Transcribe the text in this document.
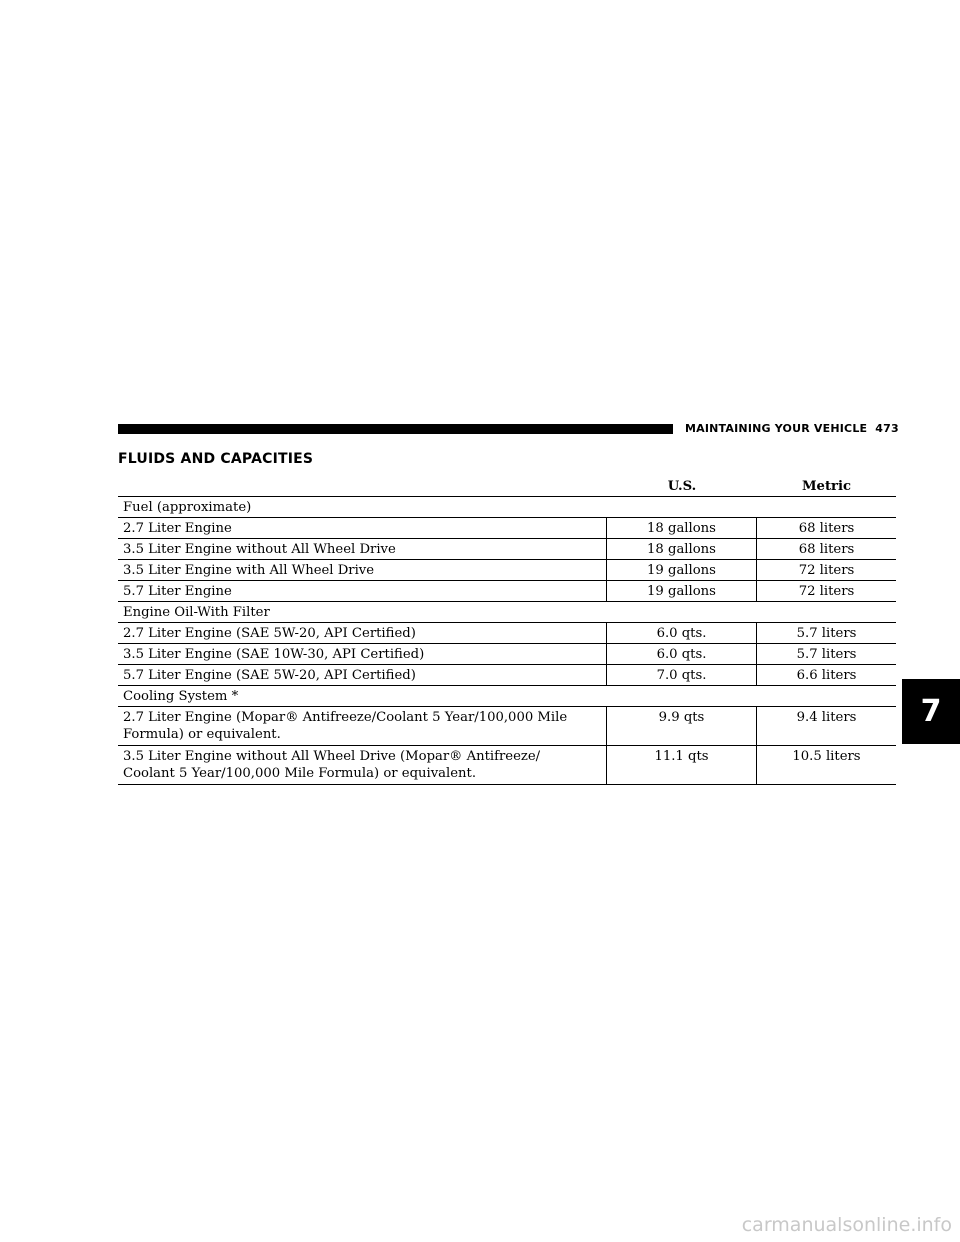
MAINTAINING YOUR VEHICLE 473
FLUIDS AND CAPACITIES
U.S.	Metric
Fuel (approximate)
2.7 Liter Engine	18 gallons	68 liters
3.5 Liter Engine without All Wheel Drive	18 gallons	68 liters
3.5 Liter Engine with All Wheel Drive	19 gallons	72 liters
5.7 Liter Engine	19 gallons	72 liters
Engine Oil-With Filter
2.7 Liter Engine (SAE 5W-20, API Certified)	6.0 qts.	5.7 liters
3.5 Liter Engine (SAE 10W-30, API Certified)	6.0 qts.	5.7 liters
5.7 Liter Engine (SAE 5W-20, API Certified)	7.0 qts.	6.6 liters
Cooling System *
2.7 Liter Engine (Mopar® Antifreeze/Coolant 5 Year/100,000 Mile
Formula) or equivalent.
9.9 qts	9.4 liters
3.5 Liter Engine without All Wheel Drive (Mopar® Antifreeze/
Coolant 5 Year/100,000 Mile Formula) or equivalent.
11.1 qts	10.5 liters
7
carmanualsonline.info
